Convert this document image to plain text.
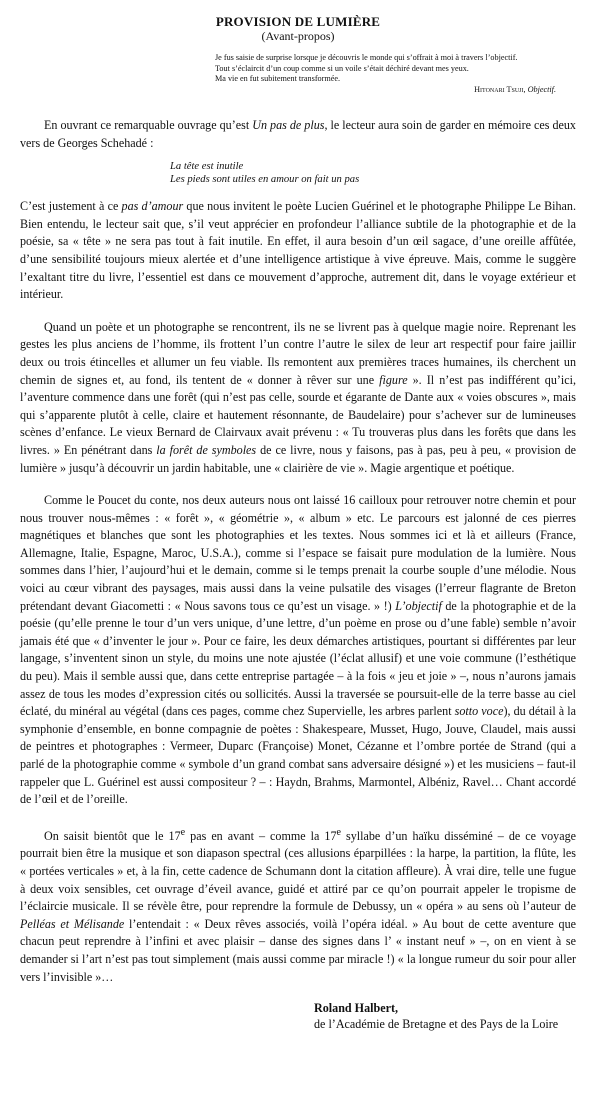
PROVISION DE LUMIÈRE
(Avant-propos)
Je fus saisie de surprise lorsque je découvris le monde qui s’offrait à moi à travers l’objectif.
Tout s’éclaircit d’un coup comme si un voile s’était déchiré devant mes yeux.
Ma vie en fut subitement transformée.
Hitonari Tsuji, Objectif.

En ouvrant ce remarquable ouvrage qu’est Un pas de plus, le lecteur aura soin de garder en mémoire ces deux vers de Georges Schehadé :

La tête est inutile
Les pieds sont utiles en amour on fait un pas

C’est justement à ce pas d’amour que nous invitent le poète Lucien Guérinel et le photographe Philippe Le Bihan. Bien entendu, le lecteur sait que, s’il veut apprécier en profondeur l’alliance subtile de la photographie et de la poésie, sa « tête » ne sera pas tout à fait inutile. En effet, il aura besoin d’un œil sagace, d’une oreille affûtée, d’une sensibilité toujours mieux alertée et d’une intelligence artistique à vive épreuve. Mais, comme le suggère l’exaltant titre du livre, l’essentiel est dans ce mouvement d’approche, autrement dit, dans le voyage extérieur et intérieur.

Quand un poète et un photographe se rencontrent, ils ne se livrent pas à quelque magie noire. Reprenant les gestes les plus anciens de l’homme, ils frottent l’un contre l’autre le silex de leur art respectif pour faire jaillir deux ou trois étincelles et allumer un feu viable. Ils remontent aux premières traces humaines, ils cherchent un chemin de signes et, au fond, ils tentent de « donner à rêver sur une figure ». Il n’est pas indifférent qu’ici, l’aventure commence dans une forêt (qui n’est pas celle, sourde et égarante de Dante aux « voies obscures », mais qui s’apparente plutôt à celle, claire et hautement résonnante, de Baudelaire) pour s’achever sur de lumineuses scènes d’enfance. Le vieux Bernard de Clairvaux avait prévenu : « Tu trouveras plus dans les forêts que dans les livres. » En pénétrant dans la forêt de symboles de ce livre, nous y faisons, pas à pas, peu à peu, « provision de lumière » jusqu’à découvrir un jardin habitable, une « clairière de vie ». Magie argentique et poétique.

Comme le Poucet du conte, nos deux auteurs nous ont laissé 16 cailloux pour retrouver notre chemin et pour nous trouver nous-mêmes : « forêt », « géométrie », « album » etc. Le parcours est jalonné de ces pierres magnétiques et blanches que sont les photographies et les textes. Nous sommes ici et là et ailleurs (France, Allemagne, Italie, Espagne, Maroc, U.S.A.), comme si l’espace se faisait pure modulation de la lumière. Nous sommes dans l’hier, l’aujourd’hui et le demain, comme si le temps prenait la courbe souple d’une mélodie. Nous voici au cœur vibrant des paysages, mais aussi dans la veine pulsatile des visages (l’erreur flagrante de Breton prétendant devant Giacometti : « Nous savons tous ce qu’est un visage. » !) L’objectif de la photographie et de la poésie (qu’elle prenne le tour d’un vers unique, d’une lettre, d’un poème en prose ou d’une fable) semble n’avoir jamais été que « d’inventer le jour ». Pour ce faire, les deux démarches artistiques, pourtant si différentes par leur langage, s’inventent sinon un style, du moins une note ajustée (l’éclat allusif) et une voie commune (l’esthétique du peu). Mais il semble aussi que, dans cette entreprise partagée – à la fois « jeu et joie » –, nous n’aurons jamais assez de tous les modes d’expression cités ou sollicités. Aussi la traversée se poursuit-elle de la terre basse au ciel éclaté, du minéral au végétal (dans ces pages, comme chez Supervielle, les arbres parlent sotto voce), du détail à la symphonie d’ensemble, en bonne compagnie de poètes : Shakespeare, Musset, Hugo, Jouve, Claudel, mais aussi de peintres et photographes : Vermeer, Duparc (Françoise) Monet, Cézanne et l’ombre portée de Strand (qui a parlé de la photographie comme « symbole d’un grand combat sans adversaire désigné ») et les musiciens – faut-il rappeler que L. Guérinel est aussi compositeur ? – : Haydn, Brahms, Marmontel, Albéniz, Ravel… Chant accordé de l’œil et de l’oreille.

On saisit bientôt que le 17e pas en avant – comme la 17e syllabe d’un haïku disséminé – de ce voyage pourrait bien être la musique et son diapason spectral (ces allusions éparpillées : la harpe, la partition, la flûte, les « portées verticales » et, à la fin, cette cadence de Schumann dont la citation affleure). À vrai dire, telle une fugue à deux voix sensibles, cet ouvrage d’éveil avance, guidé et attiré par ce qu’on pourrait appeler le tropisme de l’éclaircie musicale. Il se révèle être, pour reprendre la formule de Debussy, un « opéra » au sens où l’auteur de Pelléas et Mélisande l’entendait : « Deux rêves associés, voilà l’opéra idéal. » Au bout de cette aventure que chacun peut reprendre à l’infini et avec plaisir – danse des signes dans l’ « instant neuf » –, on en vient à se demander si l’art n’est pas tout simplement (mais aussi comme par miracle !) « la longue rumeur du soir pour aller vers l’invisible »…

Roland Halbert,
de l’Académie de Bretagne et des Pays de la Loire
